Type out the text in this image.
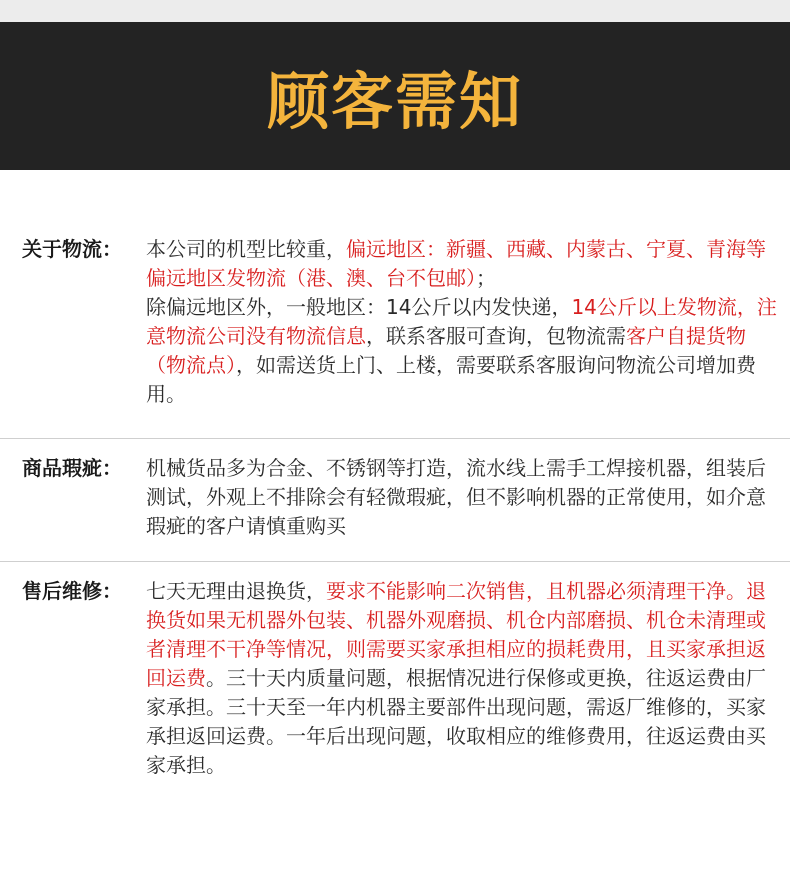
顾客需知
关于物流：	本公司的机型比较重，偏远地区：新疆、西藏、内蒙古、宁夏、青海等偏远地区发物流（港、澳、台不包邮）；
除偏远地区外，一般地区：14公斤以内发快递，14公斤以上发物流，注意物流公司没有物流信息，联系客服可查询，包物流需客户自提货物（物流点），如需送货上门、上楼，需要联系客服询问物流公司增加费用。
商品瑕疵：	机械货品多为合金、不锈钢等打造，流水线上需手工焊接机器，组装后测试，外观上不排除会有轻微瑕疵，但不影响机器的正常使用，如介意瑕疵的客户请慎重购买
售后维修：	七天无理由退换货，要求不能影响二次销售，且机器必须清理干净。退换货如果无机器外包装、机器外观磨损、机仓内部磨损、机仓未清理或者清理不干净等情况，则需要买家承担相应的损耗费用，且买家承担返回运费。三十天内质量问题，根据情况进行保修或更换，往返运费由厂家承担。三十天至一年内机器主要部件出现问题，需返厂维修的，买家承担返回运费。一年后出现问题，收取相应的维修费用，往返运费由买家承担。
